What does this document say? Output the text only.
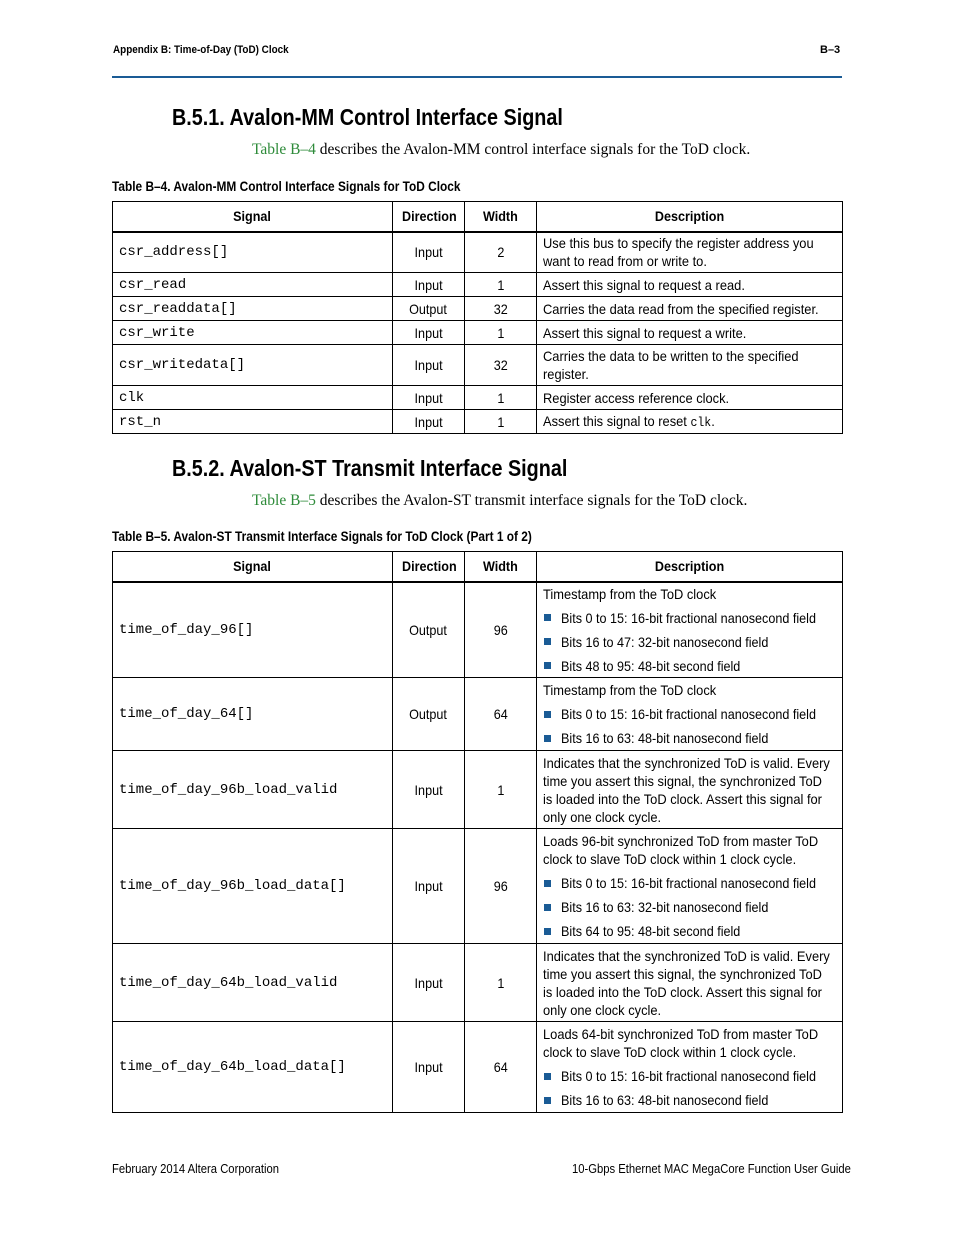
Appendix B: Time-of-Day (ToD) Clock	B–3
B.5.1. Avalon-MM Control Interface Signal
Table B–4 describes the Avalon-MM control interface signals for the ToD clock.
Table B–4. Avalon-MM Control Interface Signals for ToD Clock
Signal	Direction	Width	Description
csr_address[]	Input	2	Use this bus to specify the register address you want to read from or write to.

csr_read	Input	1	Assert this signal to request a read.

csr_readdata[]	Output	32	Carries the data read from the specified register.

csr_write	Input	1	Assert this signal to request a write.

csr_writedata[]	Input	32	Carries the data to be written to the specified register.

clk	Input	1	Register access reference clock.

rst_n	Input	1	Assert this signal to reset clk.
B.5.2. Avalon-ST Transmit Interface Signal
Table B–5 describes the Avalon-ST transmit interface signals for the ToD clock.
Table B–5. Avalon-ST Transmit Interface Signals for ToD Clock (Part 1 of 2)
Signal	Direction	Width	Description
time_of_day_96[]	Output	96	Timestamp from the ToD clock
Bits 0 to 15: 16-bit fractional nanosecond field
Bits 16 to 47: 32-bit nanosecond field
Bits 48 to 95: 48-bit second field

time_of_day_64[]	Output	64	Timestamp from the ToD clock
Bits 0 to 15: 16-bit fractional nanosecond field
Bits 16 to 63: 48-bit nanosecond field

time_of_day_96b_load_valid	Input	1	Indicates that the synchronized ToD is valid. Every time you assert this signal, the synchronized ToD is loaded into the ToD clock. Assert this signal for only one clock cycle.

time_of_day_96b_load_data[]	Input	96	Loads 96-bit synchronized ToD from master ToD clock to slave ToD clock within 1 clock cycle.
Bits 0 to 15: 16-bit fractional nanosecond field
Bits 16 to 63: 32-bit nanosecond field
Bits 64 to 95: 48-bit second field

time_of_day_64b_load_valid	Input	1	Indicates that the synchronized ToD is valid. Every time you assert this signal, the synchronized ToD is loaded into the ToD clock. Assert this signal for only one clock cycle.

time_of_day_64b_load_data[]	Input	64	Loads 64-bit synchronized ToD from master ToD clock to slave ToD clock within 1 clock cycle.
Bits 0 to 15: 16-bit fractional nanosecond field
Bits 16 to 63: 48-bit nanosecond field
February 2014 Altera Corporation	10-Gbps Ethernet MAC MegaCore Function User Guide
